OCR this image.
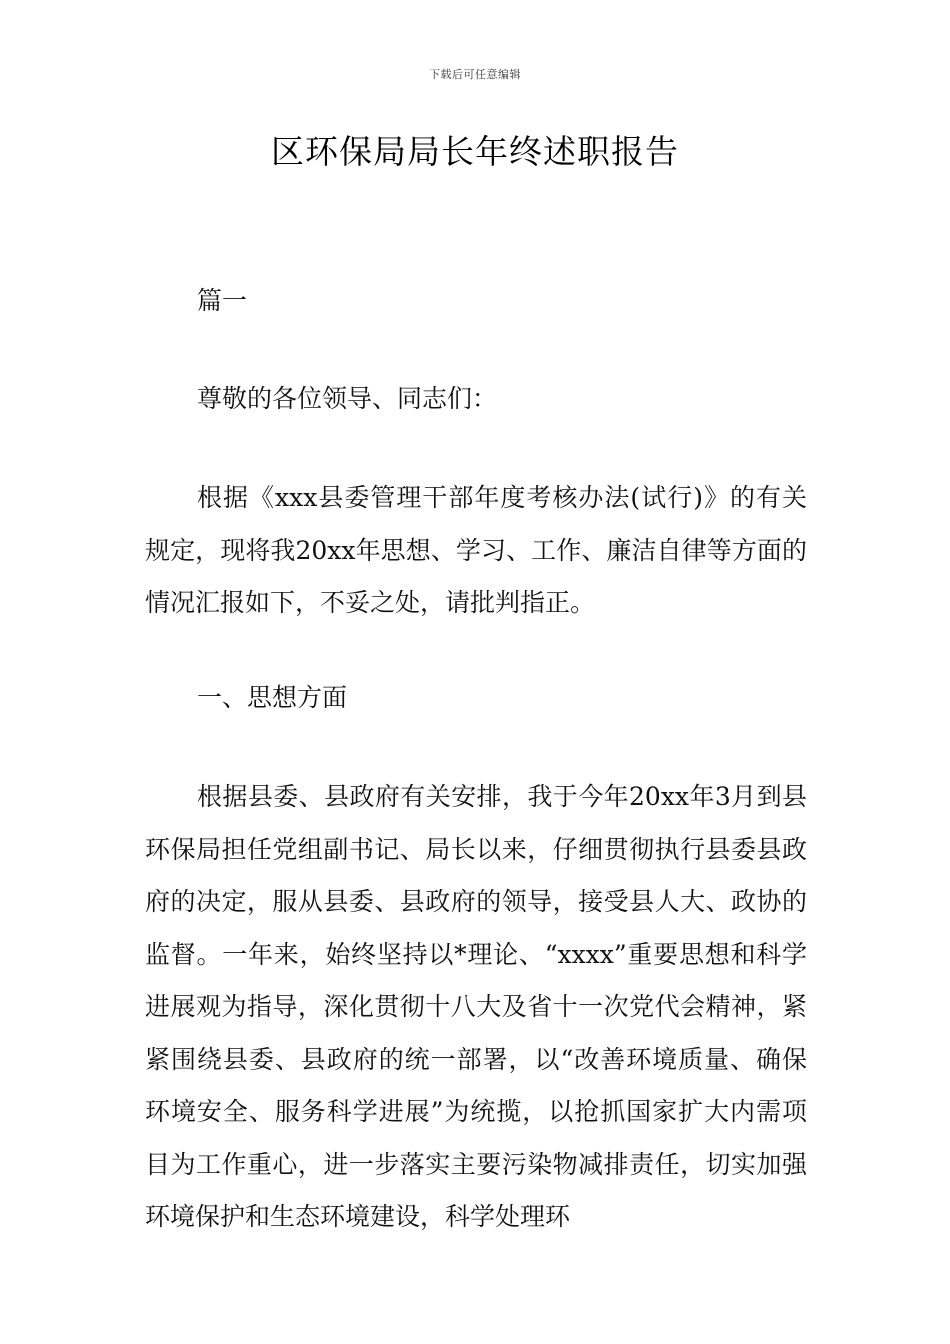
下载后可任意编辑
区环保局局长年终述职报告

篇一

尊敬的各位领导、同志们：

根据《xxx县委管理干部年度考核办法(试行)》的有关规定，现将我20xx年思想、学习、工作、廉洁自律等方面的情况汇报如下，不妥之处，请批判指正。

一、思想方面

根据县委、县政府有关安排，我于今年20xx年3月到县环保局担任党组副书记、局长以来，仔细贯彻执行县委县政府的决定，服从县委、县政府的领导，接受县人大、政协的监督。一年来，始终坚持以*理论、“xxxx”重要思想和科学进展观为指导，深化贯彻十八大及省十一次党代会精神，紧紧围绕县委、县政府的统一部署，以“改善环境质量、确保环境安全、服务科学进展”为统揽，以抢抓国家扩大内需项目为工作重心，进一步落实主要污染物减排责任，切实加强环境保护和生态环境建设，科学处理环
